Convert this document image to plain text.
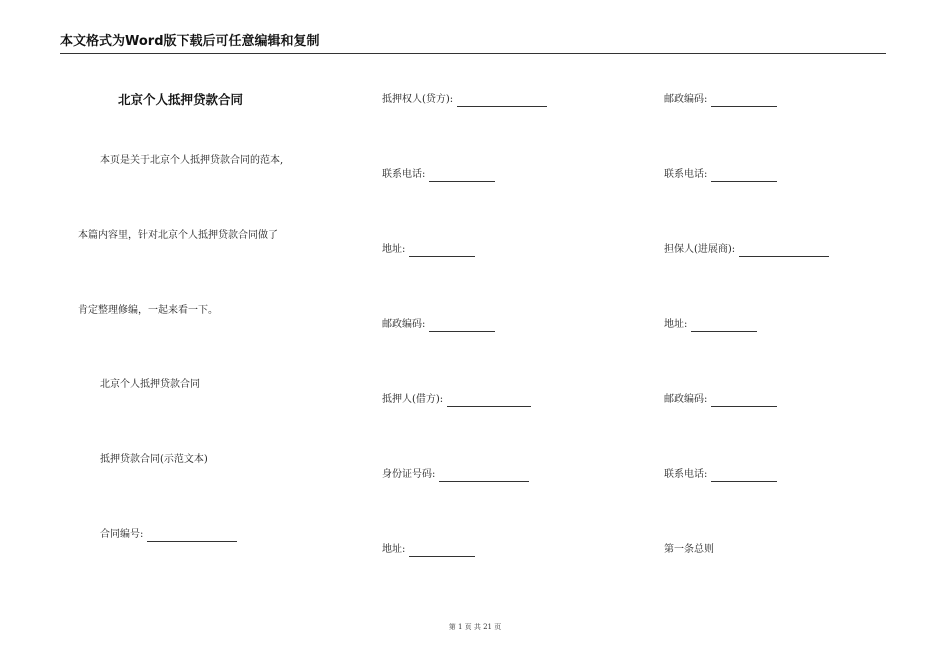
本文格式为Word版下载后可任意编辑和复制
北京个人抵押贷款合同
本页是关于北京个人抵押贷款合同的范本,
本篇内容里，针对北京个人抵押贷款合同做了
肯定整理修编，一起来看一下。
北京个人抵押贷款合同
抵押贷款合同(示范文本)
合同编号:
抵押权人(贷方):
联系电话:
地址:
邮政编码:
抵押人(借方):
身份证号码:
地址:
邮政编码:
联系电话:
担保人(进展商):
地址:
邮政编码:
联系电话:
第一条总则
第 1 页 共 21 页
